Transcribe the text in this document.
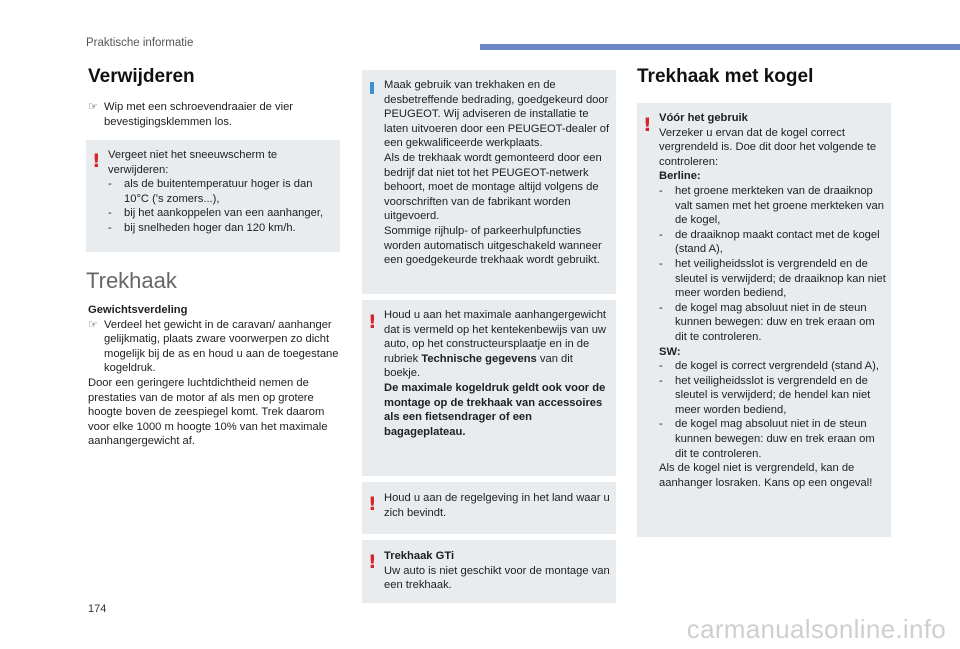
Praktische informatie
Verwijderen
☞ Wip met een schroevendraaier de vier bevestigingsklemmen los.
! Vergeet niet het sneeuwscherm te verwijderen:

-	als de buitentemperatuur hoger is dan 10°C ('s zomers...),
-	bij het aankoppelen van een aanhanger,
-	bij snelheden hoger dan 120 km/h.
Trekhaak

Gewichtsverdeling

☞ Verdeel het gewicht in de caravan/ aanhanger gelijkmatig, plaats zware voorwerpen zo dicht mogelijk bij de as en houd u aan de toegestane kogeldruk.

Door een geringere luchtdichtheid nemen de prestaties van de motor af als men op grotere hoogte boven de zeespiegel komt. Trek daarom voor elke 1000 m hoogte 10% van het maximale aanhangergewicht af.

Maak gebruik van trekhaken en de desbetreffende bedrading, goedgekeurd door PEUGEOT. Wij adviseren de installatie te laten uitvoeren door een PEUGEOT-dealer of een gekwalificeerde werkplaats.

Als de trekhaak wordt gemonteerd door een bedrijf dat niet tot het PEUGEOT-netwerk behoort, moet de montage altijd volgens de voorschriften van de fabrikant worden uitgevoerd.

Sommige rijhulp- of parkeerhulpfuncties worden automatisch uitgeschakeld wanneer een goedgekeurde trekhaak wordt gebruikt.

! Houd u aan het maximale aanhangergewicht dat is vermeld op het kentekenbewijs van uw auto, op het constructeursplaatje en in de rubriek Technische gegevens van dit boekje.

De maximale kogeldruk geldt ook voor de montage op de trekhaak van accessoires als een fietsendrager of een bagageplateau.

! Houd u aan de regelgeving in het land waar u zich bevindt.
! Trekhaak GTi

Uw auto is niet geschikt voor de montage van een trekhaak.

Trekhaak met kogel
! Vóór het gebruik

Verzeker u ervan dat de kogel correct vergrendeld is. Doe dit door het volgende te controleren:

Berline:

-	het groene merkteken van de draaiknop valt samen met het groene merkteken van de kogel,
-	de draaiknop maakt contact met de kogel (stand A),
-	het veiligheidsslot is vergrendeld en de sleutel is verwijderd; de draaiknop kan niet meer worden bediend,
-	de kogel mag absoluut niet in de steun kunnen bewegen: duw en trek eraan om dit te controleren.

SW:

-	de kogel is correct vergrendeld (stand A),
-	het veiligheidsslot is vergrendeld en de sleutel is verwijderd; de hendel kan niet meer worden bediend,
-	de kogel mag absoluut niet in de steun kunnen bewegen: duw en trek eraan om dit te controleren.

Als de kogel niet is vergrendeld, kan de aanhanger losraken. Kans op een ongeval!

174
carmanualsonline.info
